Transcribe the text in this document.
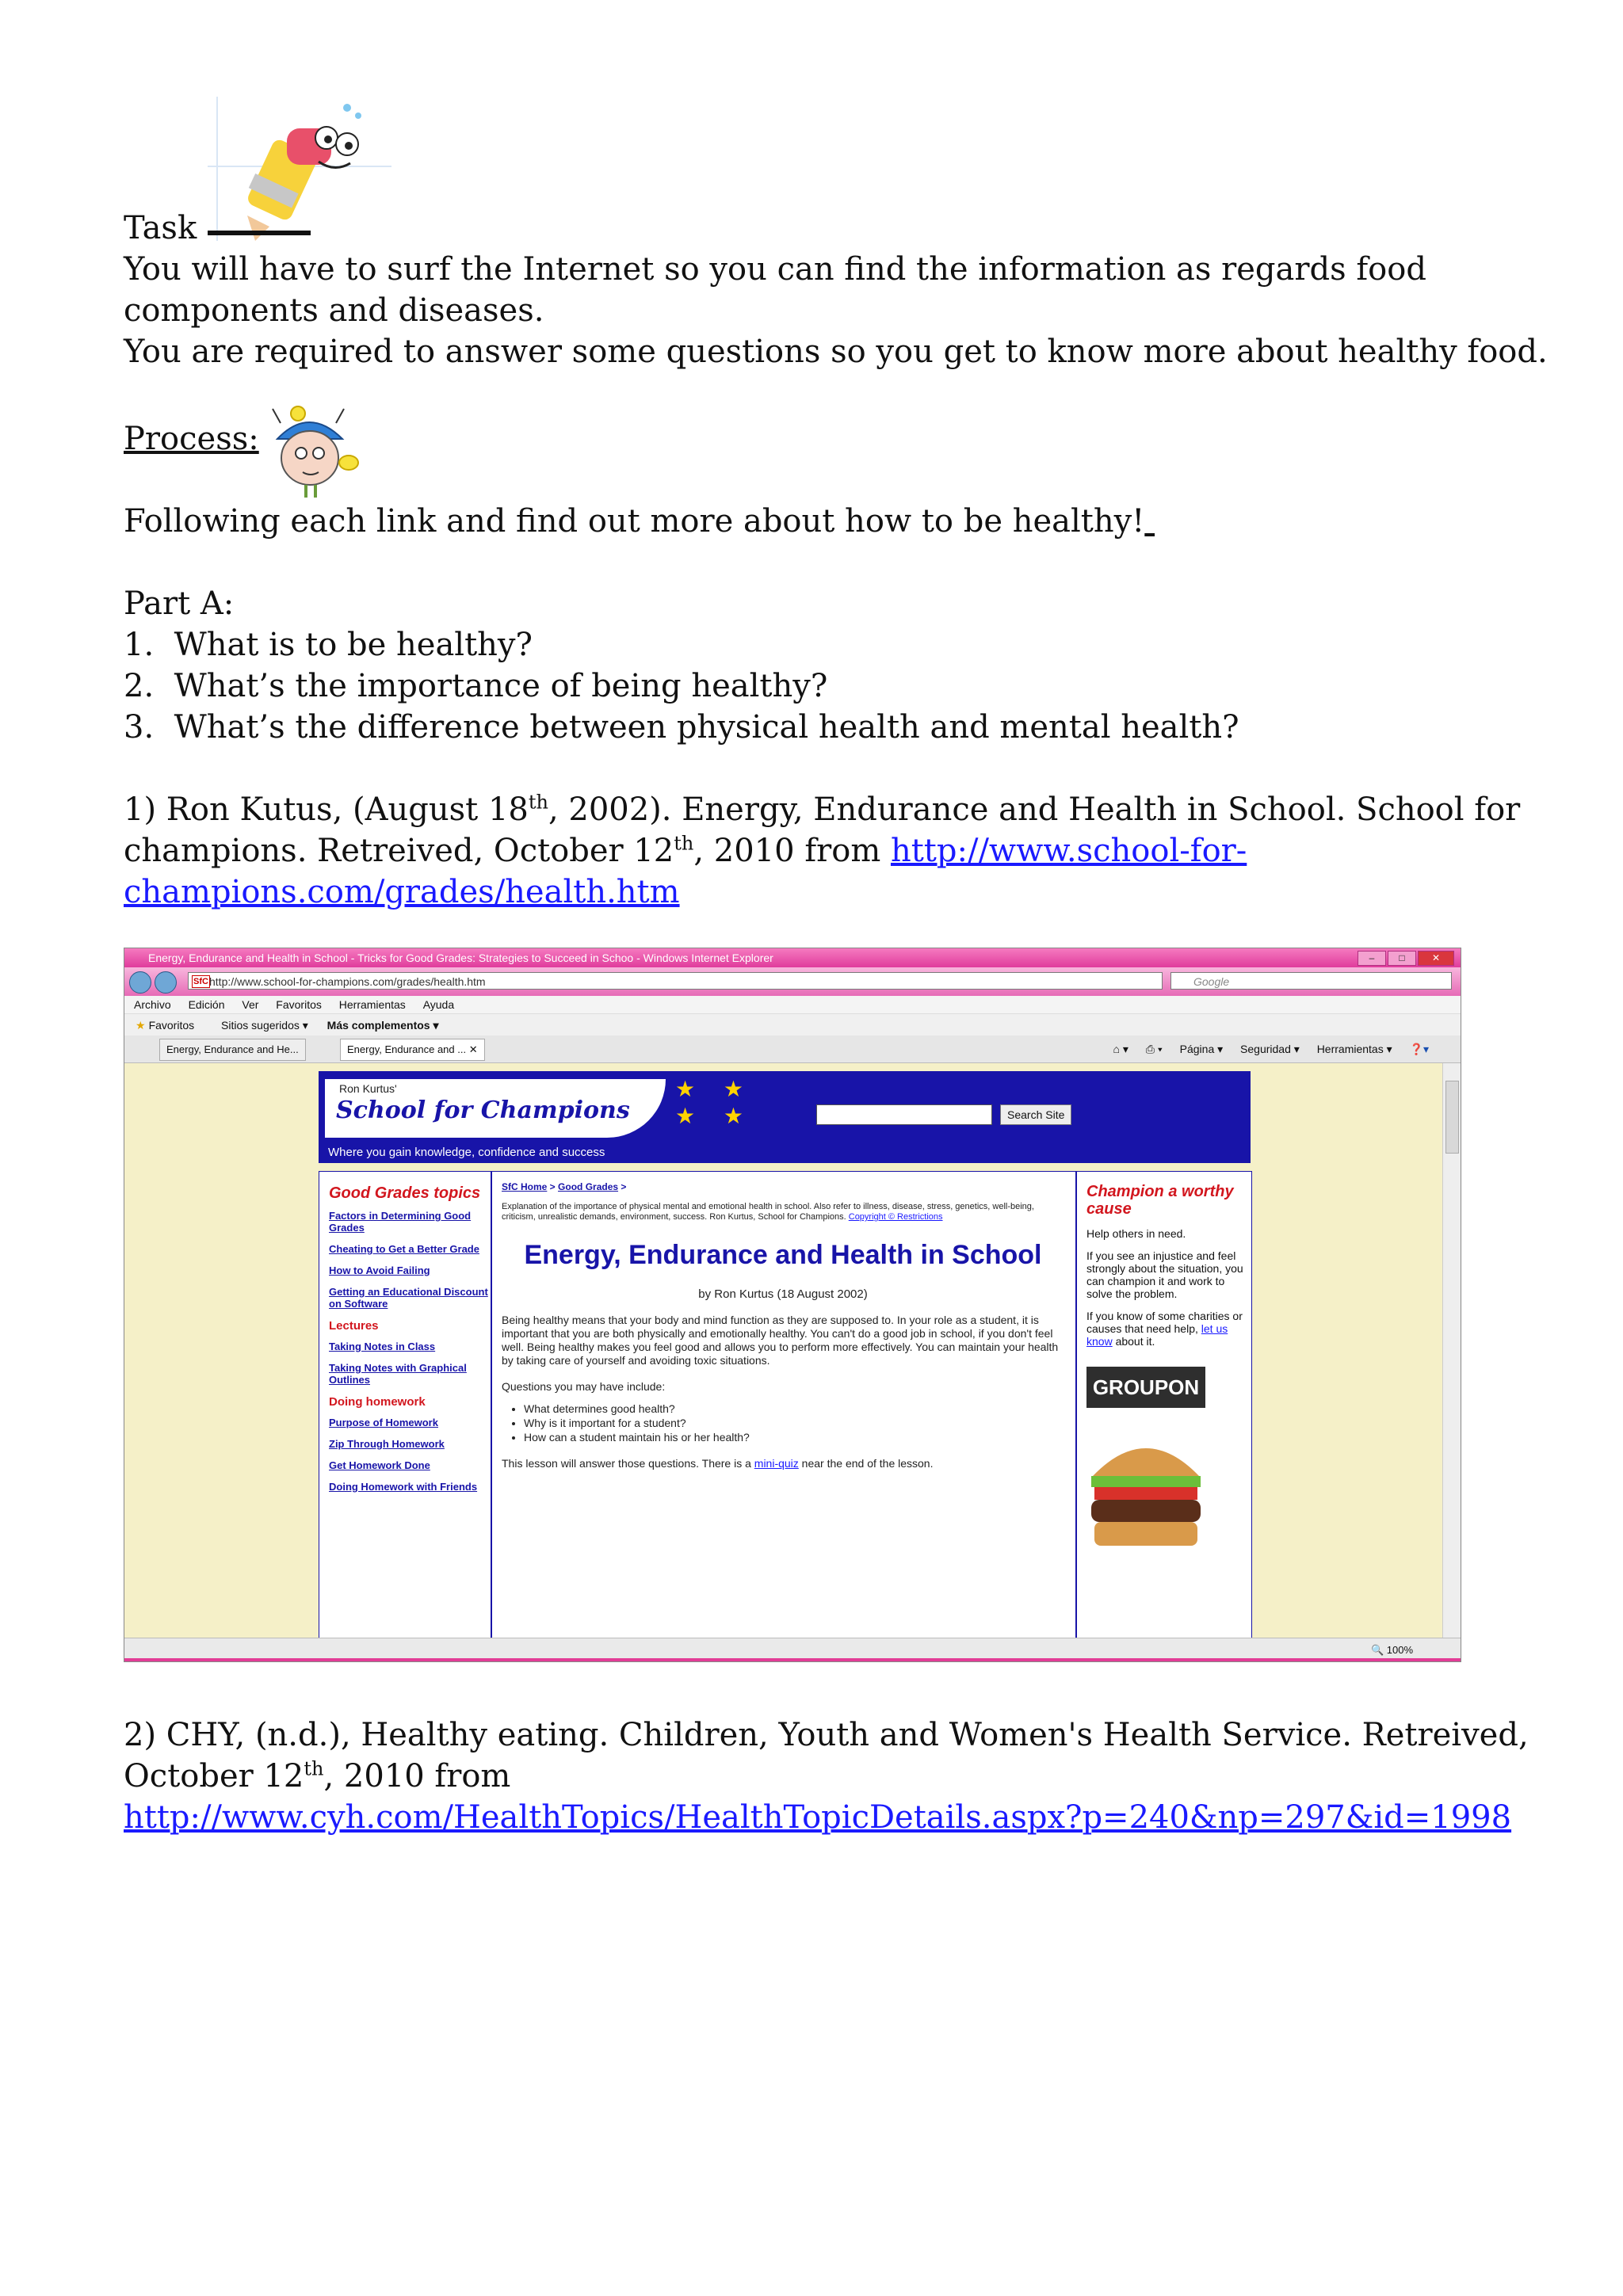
Task
You will have to surf the Internet so you can find the information as regards food
components and diseases.
You are required to answer some questions so you get to know more about healthy food.
Process:
Following each link and find out more about how to be healthy!
Part A:
1. What is to be healthy?
2. What’s the importance of being healthy?
3. What’s the difference between physical health and mental health?
1) Ron Kutus, (August 18th, 2002). Energy, Endurance and Health in School. School for
champions. Retreived, October 12th, 2010 from http://www.school-for-
champions.com/grades/health.htm
Energy, Endurance and Health in School - Tricks for Good Grades: Strategies to Succeed in Schoo - Windows Internet Explorer	–	□	✕
SfC http://www.school-for-champions.com/grades/health.htm	Google
Archivo Edición Ver Favoritos Herramientas Ayuda
★ Favoritos Sitios sugeridos ▾ Más complementos ▾
Energy, Endurance and He...	Energy, Endurance and ... ✕	⌂ ▾ ⎙ ▾ Página ▾ Seguridad ▾ Herramientas ▾ ❓▾
Ron Kurtus'
School for Champions
★ ★
★ ★
Where you gain knowledge, confidence and success
Search Site
Good Grades topics
Factors in Determining Good Grades
Cheating to Get a Better Grade
How to Avoid Failing
Getting an Educational Discount on Software
Lectures
Taking Notes in Class
Taking Notes with Graphical Outlines
Doing homework
Purpose of Homework
Zip Through Homework
Get Homework Done
Doing Homework with Friends
SfC Home > Good Grades >
Explanation of the importance of physical mental and emotional health in school. Also refer to illness, disease, stress, genetics, well-being, criticism, unrealistic demands, environment, success. Ron Kurtus, School for Champions. Copyright © Restrictions
Energy, Endurance and Health in School
by Ron Kurtus (18 August 2002)
Being healthy means that your body and mind function as they are supposed to. In your role as a student, it is important that you are both physically and emotionally healthy. You can't do a good job in school, if you don't feel well. Being healthy makes you feel good and allows you to perform more effectively. You can maintain your health by taking care of yourself and avoiding toxic situations.
Questions you may have include:
• What determines good health?
• Why is it important for a student?
• How can a student maintain his or her health?
This lesson will answer those questions. There is a mini-quiz near the end of the lesson.
Champion a worthy cause
Help others in need.
If you see an injustice and feel strongly about the situation, you can champion it and work to solve the problem.
If you know of some charities or causes that need help, let us know about it.
GROUPON
🔍 100%
2) CHY, (n.d.), Healthy eating. Children, Youth and Women's Health Service. Retreived,
October 12th, 2010 from
http://www.cyh.com/HealthTopics/HealthTopicDetails.aspx?p=240&np=297&id=1998
